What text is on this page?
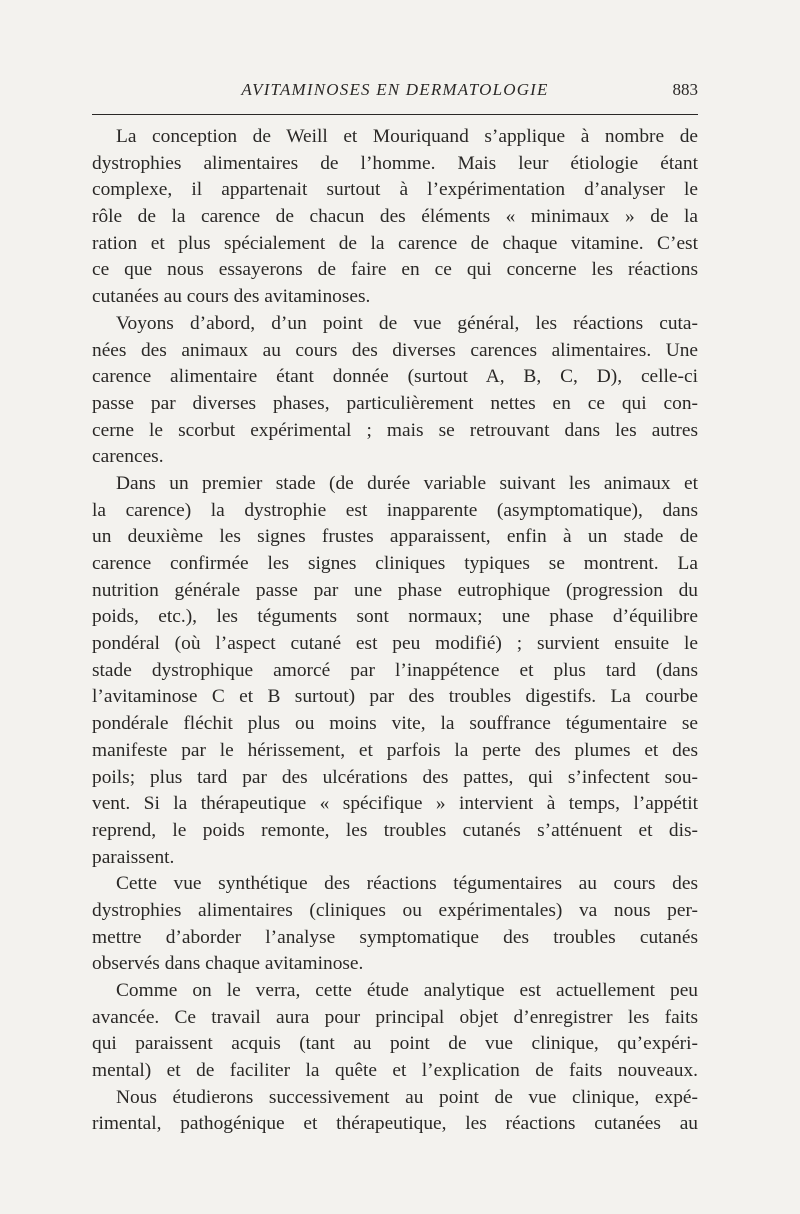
AVITAMINOSES EN DERMATOLOGIE	883
La conception de Weill et Mouriquand s’applique à nombre de
dystrophies alimentaires de l’homme. Mais leur étiologie étant
complexe, il appartenait surtout à l’expérimentation d’analyser le
rôle de la carence de chacun des éléments « minimaux » de la
ration et plus spécialement de la carence de chaque vitamine. C’est
ce que nous essayerons de faire en ce qui concerne les réactions
cutanées au cours des avitaminoses.
Voyons d’abord, d’un point de vue général, les réactions cuta-
nées des animaux au cours des diverses carences alimentaires. Une
carence alimentaire étant donnée (surtout A, B, C, D), celle-ci
passe par diverses phases, particulièrement nettes en ce qui con-
cerne le scorbut expérimental ; mais se retrouvant dans les autres
carences.
Dans un premier stade (de durée variable suivant les animaux et
la carence) la dystrophie est inapparente (asymptomatique), dans
un deuxième les signes frustes apparaissent, enfin à un stade de
carence confirmée les signes cliniques typiques se montrent. La
nutrition générale passe par une phase eutrophique (progression du
poids, etc.), les téguments sont normaux; une phase d’équilibre
pondéral (où l’aspect cutané est peu modifié) ; survient ensuite le
stade dystrophique amorcé par l’inappétence et plus tard (dans
l’avitaminose C et B surtout) par des troubles digestifs. La courbe
pondérale fléchit plus ou moins vite, la souffrance tégumentaire se
manifeste par le hérissement, et parfois la perte des plumes et des
poils; plus tard par des ulcérations des pattes, qui s’infectent sou-
vent. Si la thérapeutique « spécifique » intervient à temps, l’appétit
reprend, le poids remonte, les troubles cutanés s’atténuent et dis-
paraissent.
Cette vue synthétique des réactions tégumentaires au cours des
dystrophies alimentaires (cliniques ou expérimentales) va nous per-
mettre d’aborder l’analyse symptomatique des troubles cutanés
observés dans chaque avitaminose.
Comme on le verra, cette étude analytique est actuellement peu
avancée. Ce travail aura pour principal objet d’enregistrer les faits
qui paraissent acquis (tant au point de vue clinique, qu’expéri-
mental) et de faciliter la quête et l’explication de faits nouveaux.
Nous étudierons successivement au point de vue clinique, expé-
rimental, pathogénique et thérapeutique, les réactions cutanées au
